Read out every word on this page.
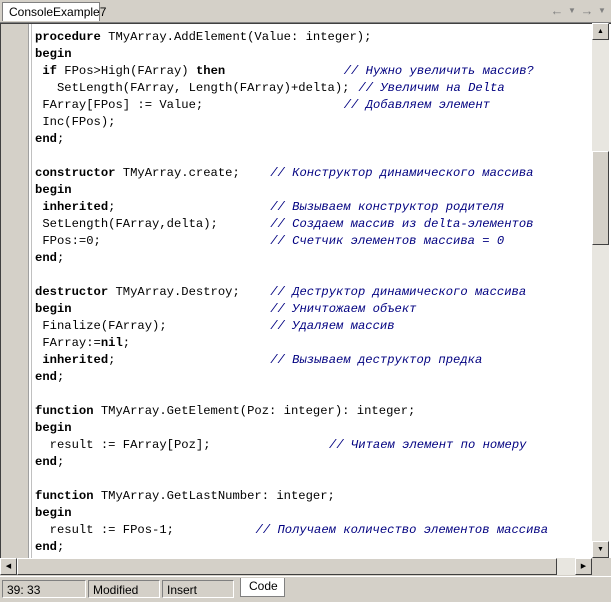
ConsoleExample7	← ▼ → ▼
procedure TMyArray.AddElement(Value: integer);
begin
if FPos>High(FArray) then	// Нужно увеличить массив?
SetLength(FArray, Length(FArray)+delta); // Увеличим на Delta
FArray[FPos] := Value;	// Добавляем элемент
Inc(FPos);
end;
constructor TMyArray.create; // Конструктор динамического массива
begin
inherited;	// Вызываем конструктор родителя
SetLength(FArray,delta);	// Создаем массив из delta-элементов
FPos:=0;	// Счетчик элементов массива = 0
end;
destructor TMyArray.Destroy; // Деструктор динамического массива
begin	// Уничтожаем объект
Finalize(FArray);	// Удаляем массив
FArray:=nil;
inherited;	// Вызываем деструктор предка
end;
function TMyArray.GetElement(Poz: integer): integer;
begin
result := FArray[Poz];	// Читаем элемент по номеру
end;
function TMyArray.GetLastNumber: integer;
begin
result := FPos-1;	// Получаем количество элементов массива
end;
▲
▼
◀	▶
39: 33	Modified	Insert	Code
